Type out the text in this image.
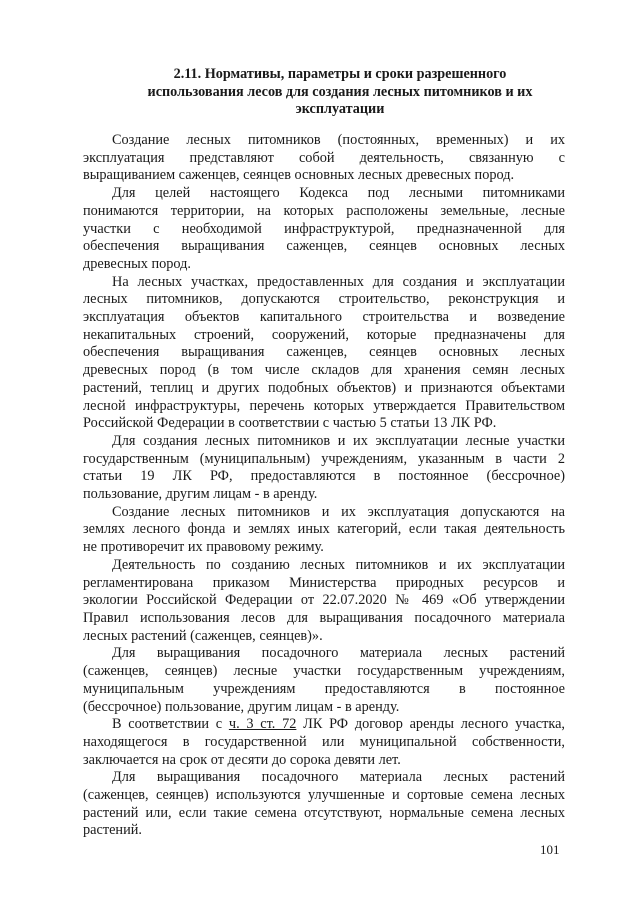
2.11. Нормативы, параметры и сроки разрешенного
использования лесов для создания лесных питомников и их
эксплуатации
Создание лесных питомников (постоянных, временных) и их
эксплуатация представляют собой деятельность, связанную с
выращиванием саженцев, сеянцев основных лесных древесных пород.
Для целей настоящего Кодекса под лесными питомниками
понимаются территории, на которых расположены земельные, лесные
участки с необходимой инфраструктурой, предназначенной для
обеспечения выращивания саженцев, сеянцев основных лесных
древесных пород.
На лесных участках, предоставленных для создания и эксплуатации
лесных питомников, допускаются строительство, реконструкция и
эксплуатация объектов капитального строительства и возведение
некапитальных строений, сооружений, которые предназначены для
обеспечения выращивания саженцев, сеянцев основных лесных
древесных пород (в том числе складов для хранения семян лесных
растений, теплиц и других подобных объектов) и признаются объектами
лесной инфраструктуры, перечень которых утверждается Правительством
Российской Федерации в соответствии с частью 5 статьи 13 ЛК РФ.
Для создания лесных питомников и их эксплуатации лесные участки
государственным (муниципальным) учреждениям, указанным в части 2
статьи 19 ЛК РФ, предоставляются в постоянное (бессрочное)
пользование, другим лицам - в аренду.
Создание лесных питомников и их эксплуатация допускаются на
землях лесного фонда и землях иных категорий, если такая деятельность
не противоречит их правовому режиму.
Деятельность по созданию лесных питомников и их эксплуатации
регламентирована приказом Министерства природных ресурсов и
экологии Российской Федерации от 22.07.2020 № 469 «Об утверждении
Правил использования лесов для выращивания посадочного материала
лесных растений (саженцев, сеянцев)».
Для выращивания посадочного материала лесных растений
(саженцев, сеянцев) лесные участки государственным учреждениям,
муниципальным учреждениям предоставляются в постоянное
(бессрочное) пользование, другим лицам - в аренду.
В соответствии с ч. 3 ст. 72 ЛК РФ договор аренды лесного участка,
находящегося в государственной или муниципальной собственности,
заключается на срок от десяти до сорока девяти лет.
Для выращивания посадочного материала лесных растений
(саженцев, сеянцев) используются улучшенные и сортовые семена лесных
растений или, если такие семена отсутствуют, нормальные семена лесных
растений.
101
